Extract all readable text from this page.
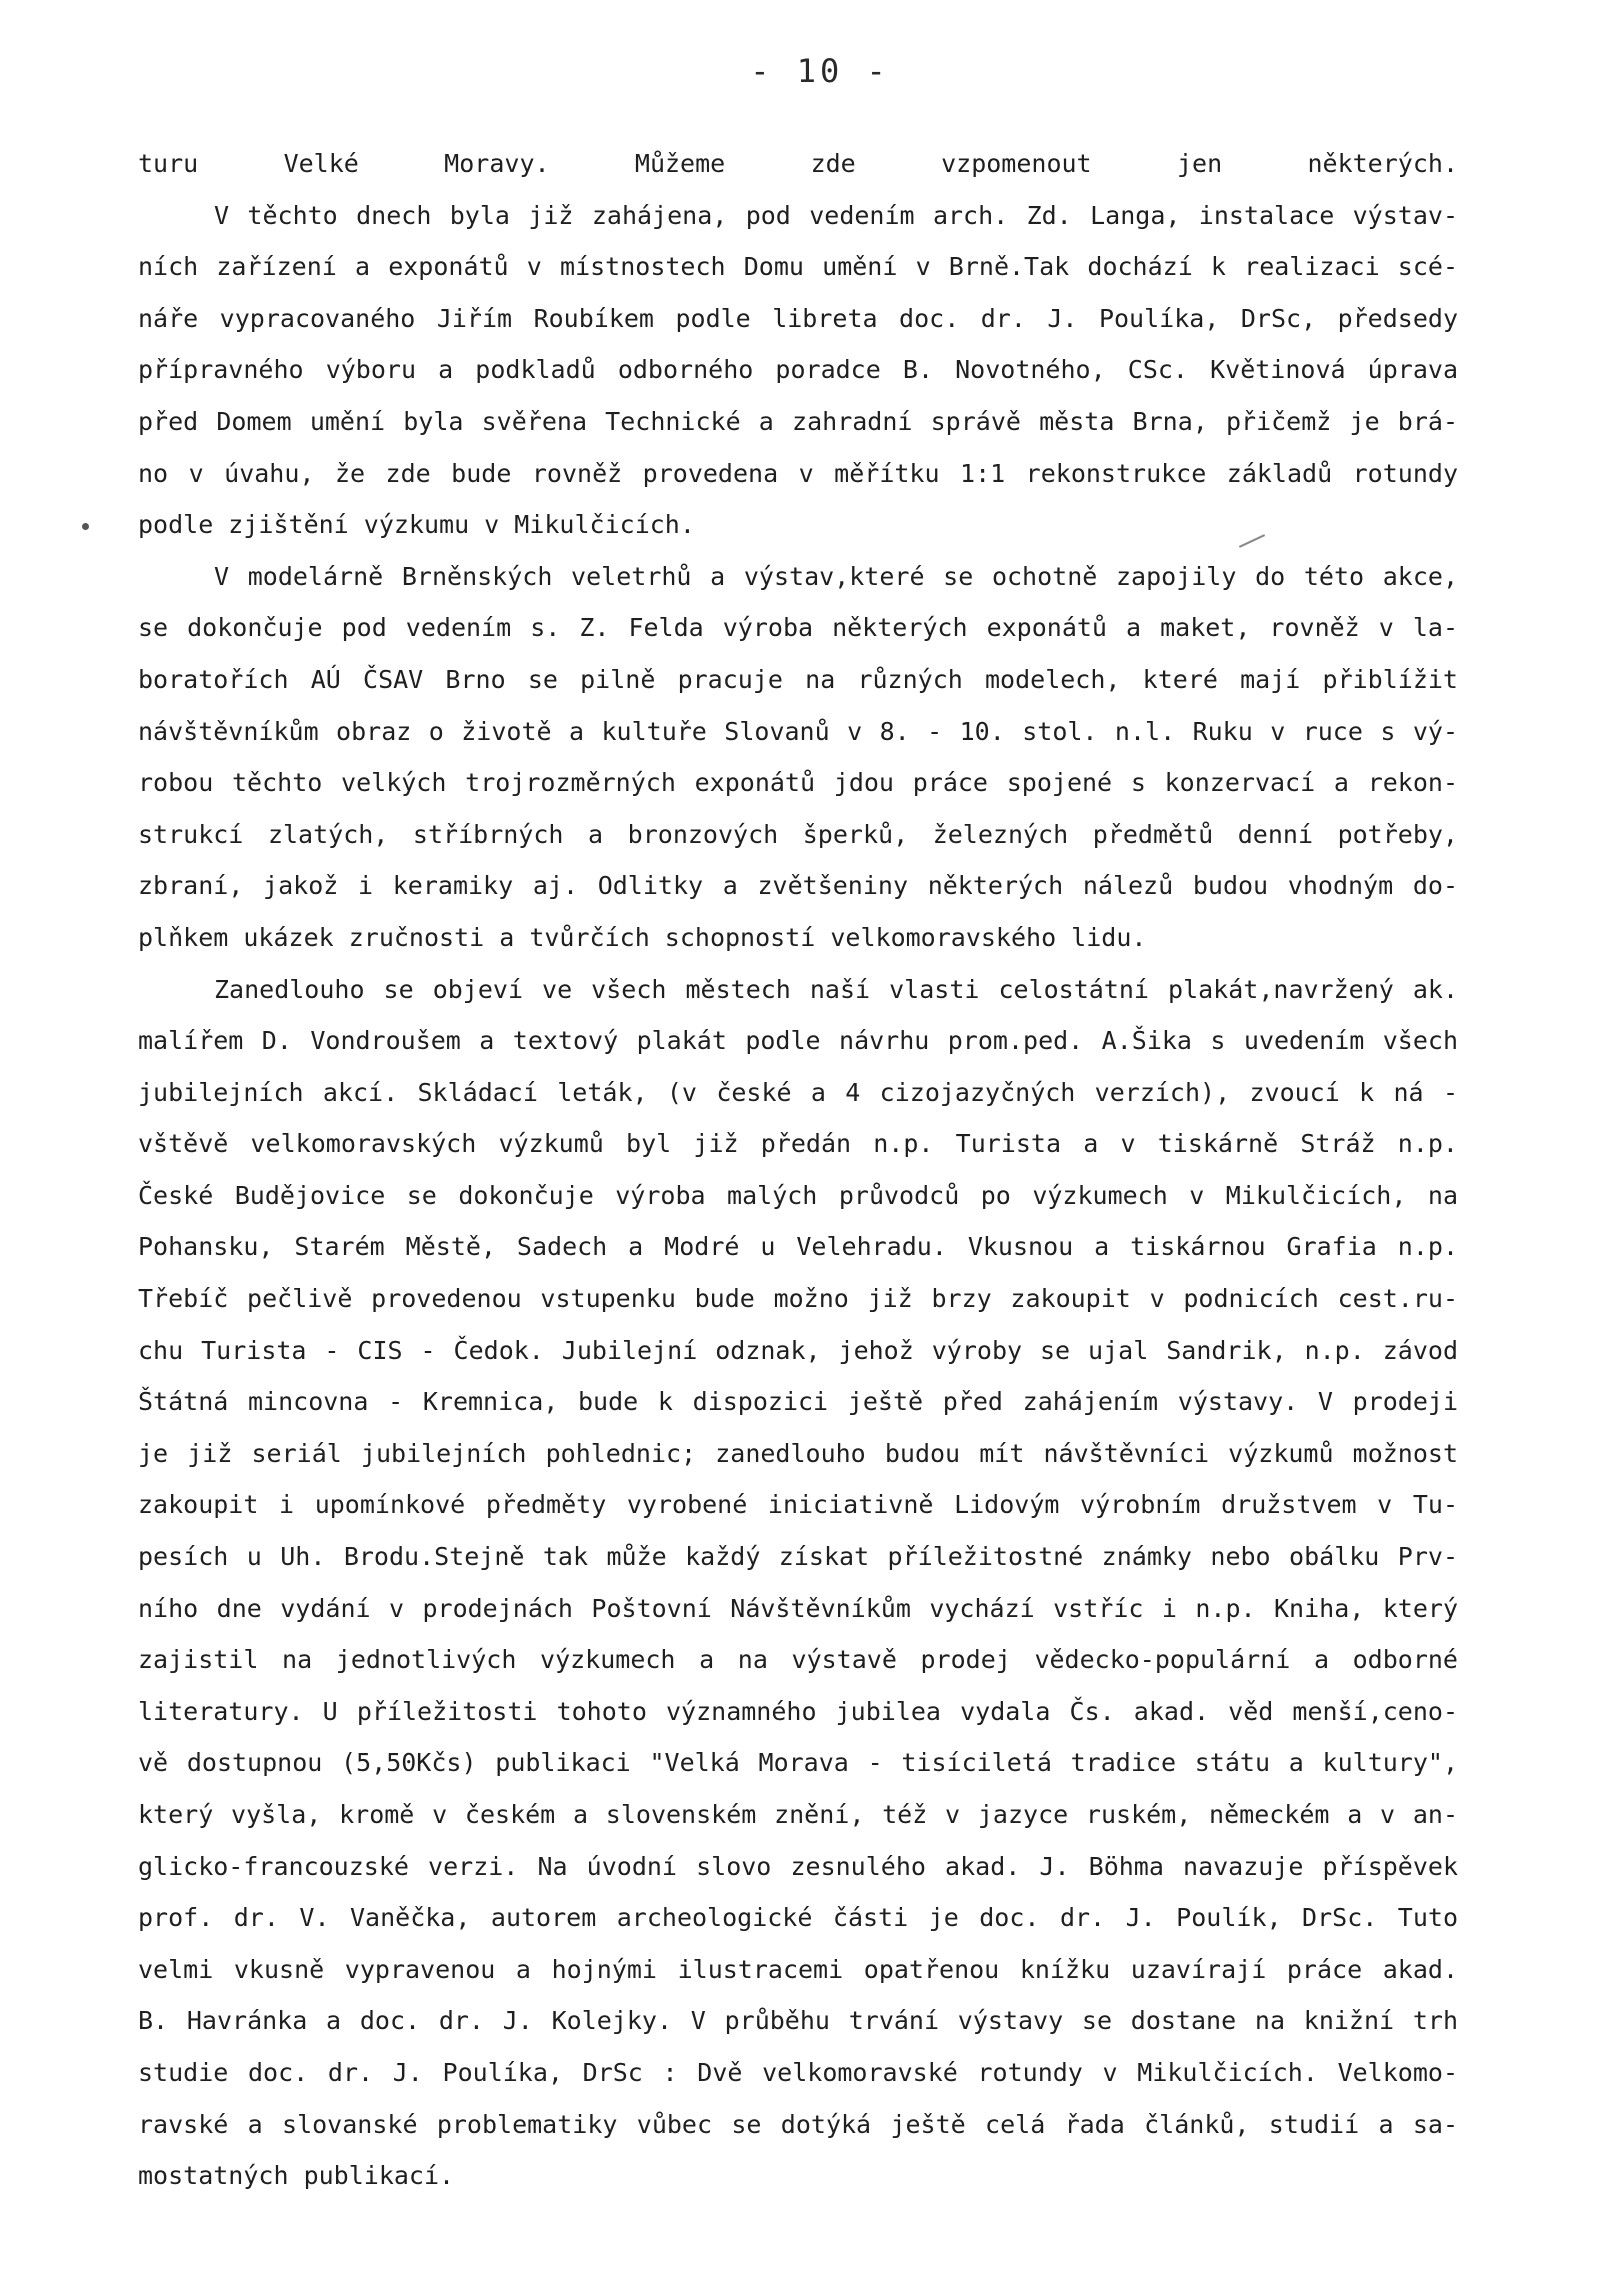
- 10 -
turu Velké Moravy. Můžeme zde vzpomenout jen některých.
V těchto dnech byla již zahájena, pod vedením arch. Zd. Langa, instalace výstav-
ních zařízení a exponátů v místnostech Domu umění v Brně.Tak dochází k realizaci scé-
náře vypracovaného Jiřím Roubíkem podle libreta doc. dr. J. Poulíka, DrSc, předsedy
přípravného výboru a podkladů odborného poradce B. Novotného, CSc. Květinová úprava
před Domem umění byla svěřena Technické a zahradní správě města Brna, přičemž je brá-
no v úvahu, že zde bude rovněž provedena v měřítku 1:1 rekonstrukce základů rotundy
podle zjištění výzkumu v Mikulčicích.
V modelárně Brněnských veletrhů a výstav,které se ochotně zapojily do této akce,
se dokončuje pod vedením s. Z. Felda výroba některých exponátů a maket, rovněž v la-
boratořích AÚ ČSAV Brno se pilně pracuje na různých modelech, které mají přiblížit
návštěvníkům obraz o životě a kultuře Slovanů v 8. - 10. stol. n.l. Ruku v ruce s vý-
robou těchto velkých trojrozměrných exponátů jdou práce spojené s konzervací a rekon-
strukcí zlatých, stříbrných a bronzových šperků, železných předmětů denní potřeby,
zbraní, jakož i keramiky aj. Odlitky a zvětšeniny některých nálezů budou vhodným do-
plňkem ukázek zručnosti a tvůrčích schopností velkomoravského lidu.
Zanedlouho se objeví ve všech městech naší vlasti celostátní plakát,navržený ak.
malířem D. Vondroušem a textový plakát podle návrhu prom.ped. A.Šika s uvedením všech
jubilejních akcí. Skládací leták, (v české a 4 cizojazyčných verzích), zvoucí k ná -
vštěvě velkomoravských výzkumů byl již předán n.p. Turista a v tiskárně Stráž n.p.
České Budějovice se dokončuje výroba malých průvodců po výzkumech v Mikulčicích, na
Pohansku, Starém Městě, Sadech a Modré u Velehradu. Vkusnou a tiskárnou Grafia n.p.
Třebíč pečlivě provedenou vstupenku bude možno již brzy zakoupit v podnicích cest.ru-
chu Turista - CIS - Čedok. Jubilejní odznak, jehož výroby se ujal Sandrik, n.p. závod
Štátná mincovna - Kremnica, bude k dispozici ještě před zahájením výstavy. V prodeji
je již seriál jubilejních pohlednic; zanedlouho budou mít návštěvníci výzkumů možnost
zakoupit i upomínkové předměty vyrobené iniciativně Lidovým výrobním družstvem v Tu-
pesích u Uh. Brodu.Stejně tak může každý získat příležitostné známky nebo obálku Prv-
ního dne vydání v prodejnách Poštovní Návštěvníkům vychází vstříc i n.p. Kniha, který
zajistil na jednotlivých výzkumech a na výstavě prodej vědecko-populární a odborné
literatury. U příležitosti tohoto významného jubilea vydala Čs. akad. věd menší,ceno-
vě dostupnou (5,50Kčs) publikaci "Velká Morava - tisíciletá tradice státu a kultury",
který vyšla, kromě v českém a slovenském znění, též v jazyce ruském, německém a v an-
glicko-francouzské verzi. Na úvodní slovo zesnulého akad. J. Böhma navazuje příspěvek
prof. dr. V. Vaněčka, autorem archeologické části je doc. dr. J. Poulík, DrSc. Tuto
velmi vkusně vypravenou a hojnými ilustracemi opatřenou knížku uzavírají práce akad.
B. Havránka a doc. dr. J. Kolejky. V průběhu trvání výstavy se dostane na knižní trh
studie doc. dr. J. Poulíka, DrSc : Dvě velkomoravské rotundy v Mikulčicích. Velkomo-
ravské a slovanské problematiky vůbec se dotýká ještě celá řada článků, studií a sa-
mostatných publikací.
